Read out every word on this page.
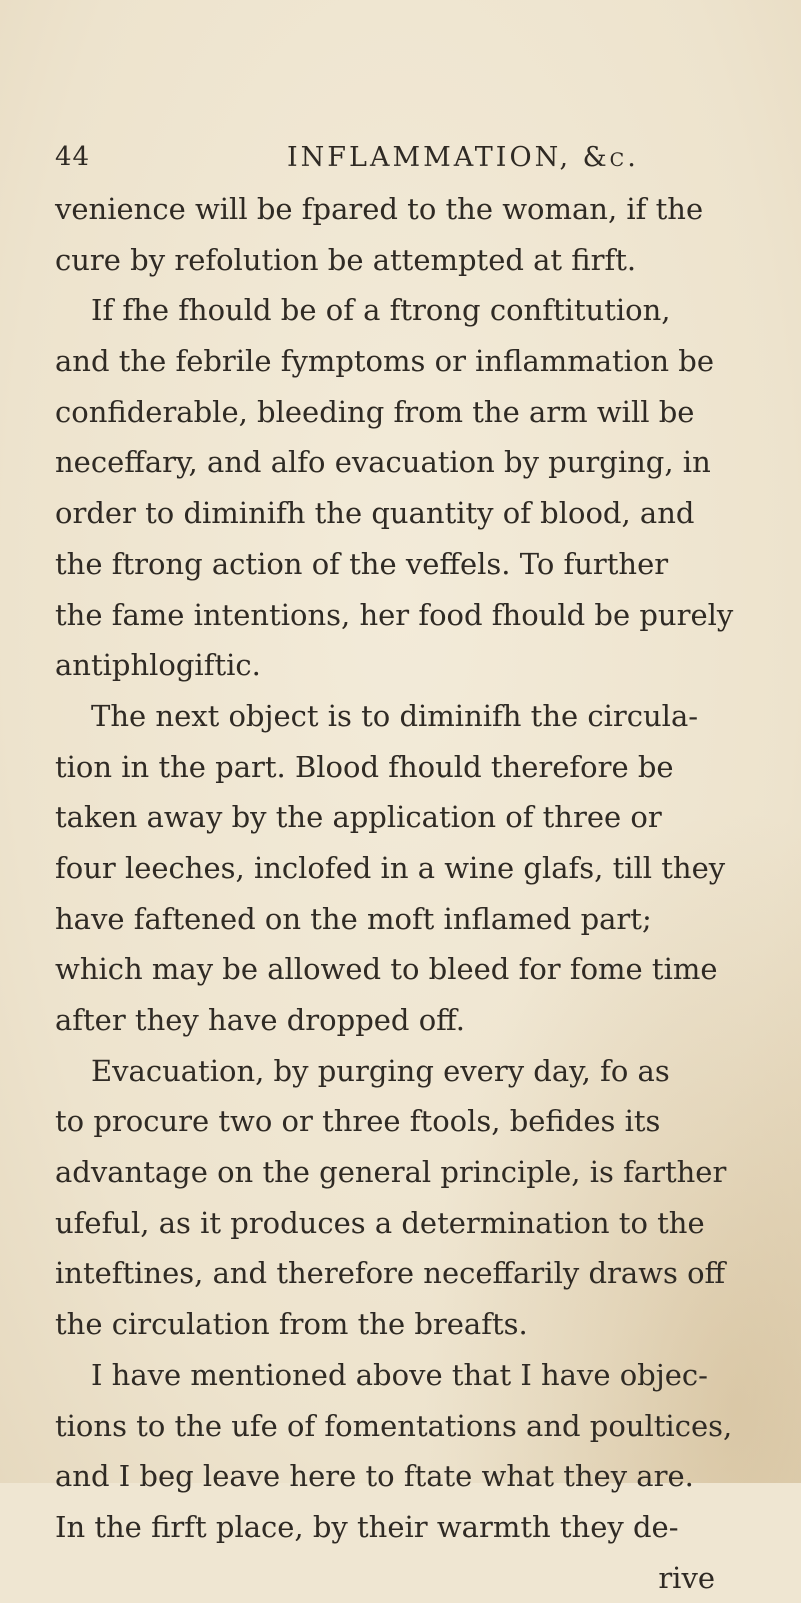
44	INFLAMMATION, &c.
venience will be fpared to the woman, if the
cure by refolution be attempted at firft.
If fhe fhould be of a ftrong conftitution,
and the febrile fymptoms or inflammation be
confiderable, bleeding from the arm will be
neceffary, and alfo evacuation by purging, in
order to diminifh the quantity of blood, and
the ftrong action of the veffels. To further
the fame intentions, her food fhould be purely
antiphlogiftic.
The next object is to diminifh the circula-
tion in the part. Blood fhould therefore be
taken away by the application of three or
four leeches, inclofed in a wine glafs, till they
have faftened on the moft inflamed part;
which may be allowed to bleed for fome time
after they have dropped off.
Evacuation, by purging every day, fo as
to procure two or three ftools, befides its
advantage on the general principle, is farther
ufeful, as it produces a determination to the
inteftines, and therefore neceffarily draws off
the circulation from the breafts.
I have mentioned above that I have objec-
tions to the ufe of fomentations and poultices,
and I beg leave here to ftate what they are.
In the firft place, by their warmth they de-
rive
